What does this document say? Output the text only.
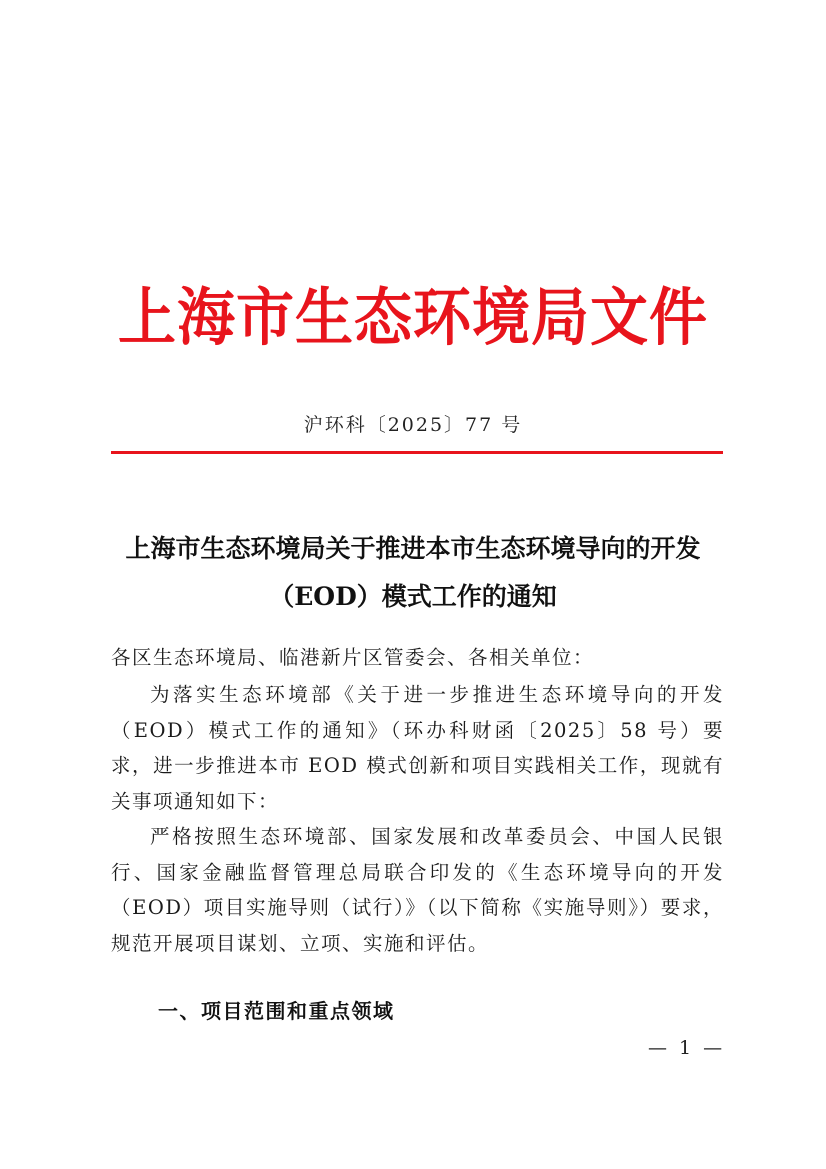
上海市生态环境局文件
沪环科〔2025〕77 号
上海市生态环境局关于推进本市生态环境导向的开发
（EOD）模式工作的通知
各区生态环境局、临港新片区管委会、各相关单位：
为落实生态环境部《关于进一步推进生态环境导向的开发（EOD）模式工作的通知》（环办科财函〔2025〕58 号）要求，进一步推进本市 EOD 模式创新和项目实践相关工作，现就有关事项通知如下：
严格按照生态环境部、国家发展和改革委员会、中国人民银行、国家金融监督管理总局联合印发的《生态环境导向的开发（EOD）项目实施导则（试行）》（以下简称《实施导则》）要求，规范开展项目谋划、立项、实施和评估。
一、项目范围和重点领域
— 1 —
